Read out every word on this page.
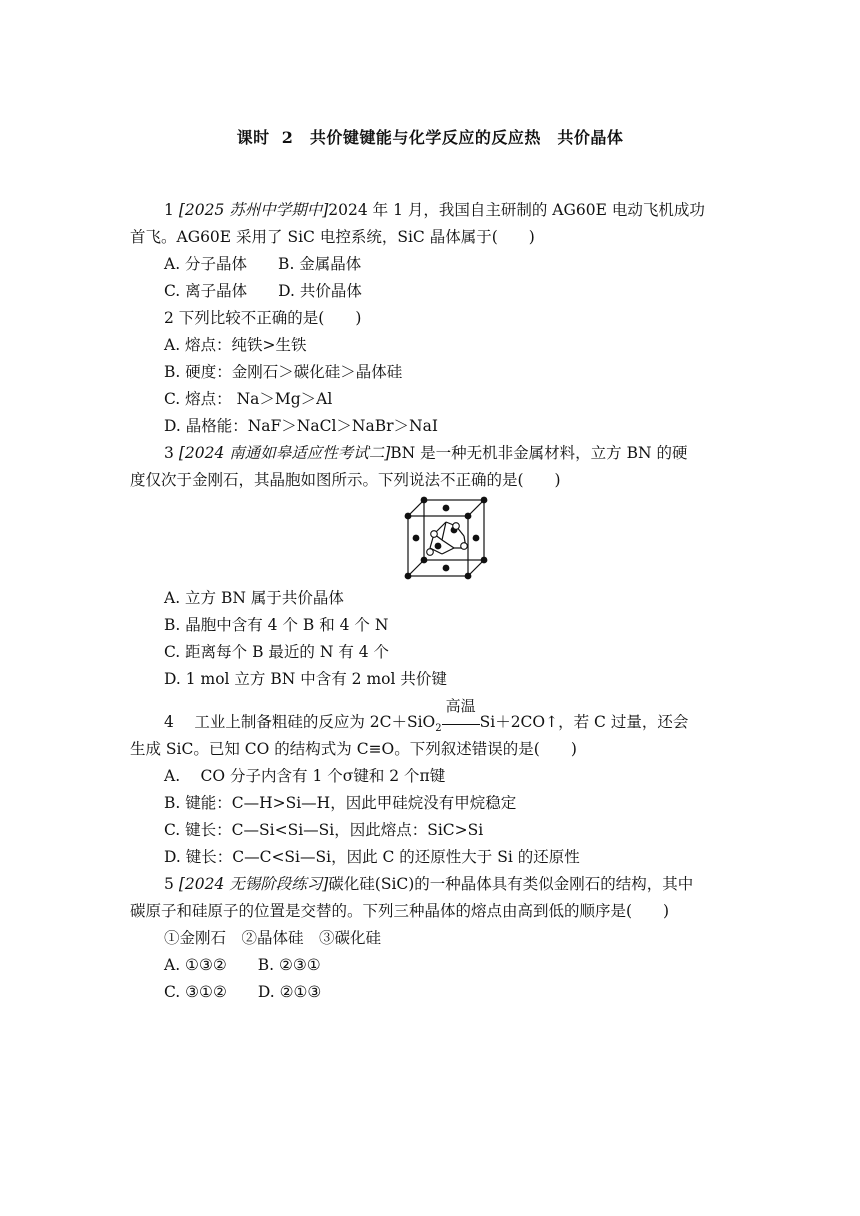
课时 2　共价键键能与化学反应的反应热　共价晶体
1 [2025 苏州中学期中]2024 年 1 月，我国自主研制的 AG60E 电动飞机成功
首飞。AG60E 采用了 SiC 电控系统，SiC 晶体属于(　　)
A. 分子晶体　　B. 金属晶体
C. 离子晶体　　D. 共价晶体
2 下列比较不正确的是(　　)
A. 熔点：纯铁>生铁
B. 硬度：金刚石＞碳化硅＞晶体硅
C. 熔点： Na＞Mg＞Al
D. 晶格能：NaF＞NaCl＞NaBr＞NaI
3 [2024 南通如皋适应性考试二]BN 是一种无机非金属材料，立方 BN 的硬
度仅次于金刚石，其晶胞如图所示。下列说法不正确的是(　　)
A. 立方 BN 属于共价晶体
B. 晶胞中含有 4 个 B 和 4 个 N
C. 距离每个 B 最近的 N 有 4 个
D. 1 mol 立方 BN 中含有 2 mol 共价键
4　 工业上制备粗硅的反应为 2C＋SiO$_2$
高温
Si＋2CO↑，若 C 过量，还会
生成 SiC。已知 CO 的结构式为 C≡O。下列叙述错误的是(　　)
A.　 CO 分子内含有 1 个σ键和 2 个π键
B. 键能：C—H>Si—H，因此甲硅烷没有甲烷稳定
C. 键长：C—Si<Si—Si，因此熔点：SiC>Si
D. 键长：C—C<Si—Si，因此 C 的还原性大于 Si 的还原性
5 [2024 无锡阶段练习]碳化硅(SiC)的一种晶体具有类似金刚石的结构，其中
碳原子和硅原子的位置是交替的。下列三种晶体的熔点由高到低的顺序是(　　)
①金刚石　②晶体硅　③碳化硅
A. ①③②　　B. ②③①
C. ③①②　　D. ②①③
